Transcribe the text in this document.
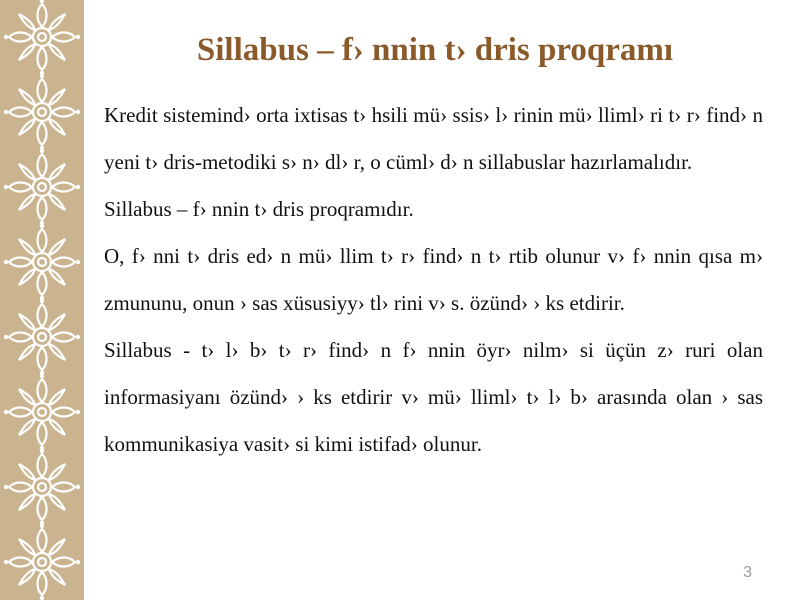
Sillabus – f› nnin t› dris proqramı

Kredit sistemind› orta ixtisas t› hsili mü› ssis› l› rinin mü› lliml› ri t› r› find› n yeni t› dris-metodiki s› n› dl› r, o cüml› d› n sillabuslar hazırlamalıdır.

Sillabus – f› nnin t› dris proqramıdır.

O, f› nni t› dris ed› n mü› llim t› r› find› n t› rtib olunur v› f› nnin qısa m› zmununu, onun › sas xüsusiyy› tl› rini v› s. özünd› › ks etdirir.

Sillabus - t› l› b› t› r› find› n f› nnin öyr› nilm› si üçün z› ruri olan informasiyanı özünd› › ks etdirir v› mü› lliml› t› l› b› arasında olan › sas kommunikasiya vasit› si kimi istifad› olunur.

3
